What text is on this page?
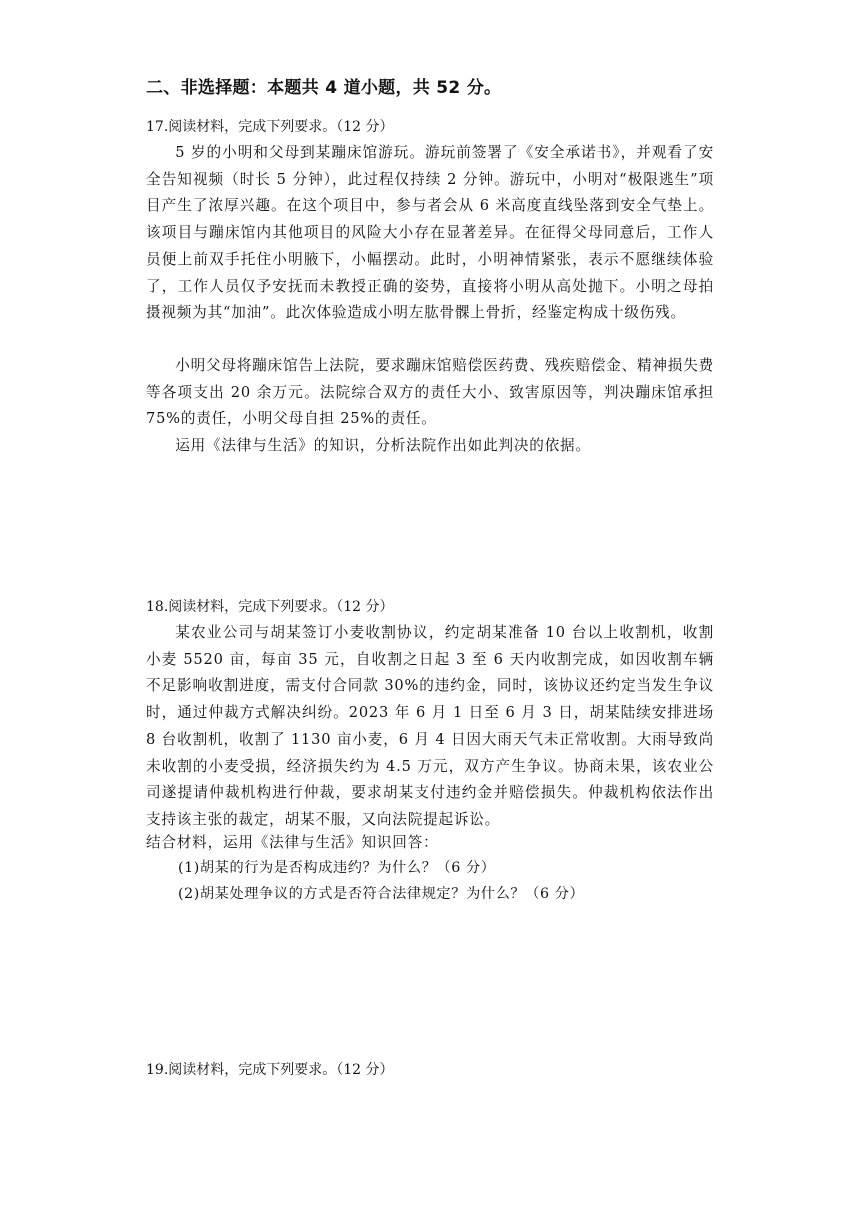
二、非选择题：本题共 4 道小题，共 52 分。
17.阅读材料，完成下列要求。（12 分）
5 岁的小明和父母到某蹦床馆游玩。游玩前签署了《安全承诺书》，并观看了安全告知视频（时长 5 分钟），此过程仅持续 2 分钟。游玩中，小明对“极限逃生”项目产生了浓厚兴趣。在这个项目中，参与者会从 6 米高度直线坠落到安全气垫上。该项目与蹦床馆内其他项目的风险大小存在显著差异。在征得父母同意后，工作人员便上前双手托住小明腋下，小幅摆动。此时，小明神情紧张，表示不愿继续体验了，工作人员仅予安抚而未教授正确的姿势，直接将小明从高处抛下。小明之母拍摄视频为其“加油”。此次体验造成小明左肱骨髁上骨折，经鉴定构成十级伤残。
小明父母将蹦床馆告上法院，要求蹦床馆赔偿医药费、残疾赔偿金、精神损失费等各项支出 20 余万元。法院综合双方的责任大小、致害原因等，判决蹦床馆承担 75%的责任，小明父母自担 25%的责任。
运用《法律与生活》的知识，分析法院作出如此判决的依据。
18.阅读材料，完成下列要求。（12 分）
某农业公司与胡某签订小麦收割协议，约定胡某准备 10 台以上收割机，收割小麦 5520 亩，每亩 35 元，自收割之日起 3 至 6 天内收割完成，如因收割车辆不足影响收割进度，需支付合同款 30%的违约金，同时，该协议还约定当发生争议时，通过仲裁方式解决纠纷。2023 年 6 月 1 日至 6 月 3 日，胡某陆续安排进场 8 台收割机，收割了 1130 亩小麦，6 月 4 日因大雨天气未正常收割。大雨导致尚未收割的小麦受损，经济损失约为 4.5 万元，双方产生争议。协商未果，该农业公司遂提请仲裁机构进行仲裁，要求胡某支付违约金并赔偿损失。仲裁机构依法作出支持该主张的裁定，胡某不服，又向法院提起诉讼。
结合材料，运用《法律与生活》知识回答：
(1)胡某的行为是否构成违约？为什么？（6 分）
(2)胡某处理争议的方式是否符合法律规定？为什么？（6 分）
19.阅读材料，完成下列要求。（12 分）
